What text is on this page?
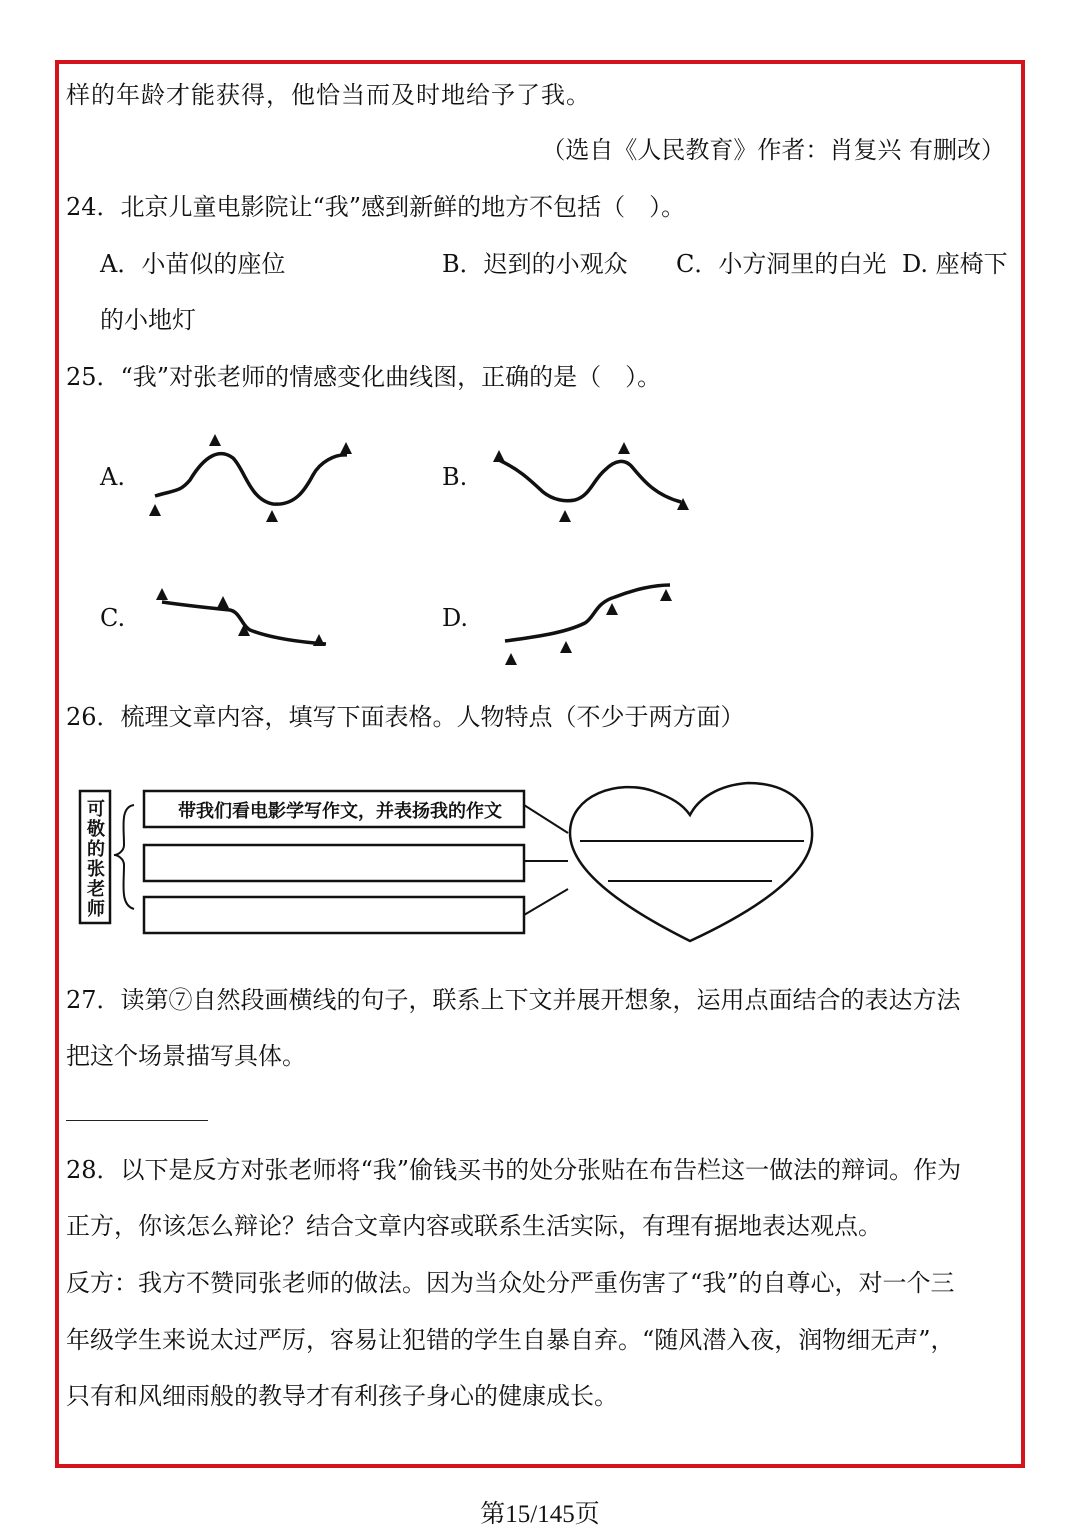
样的年龄才能获得，他恰当而及时地给予了我。
（选自《人民教育》作者：肖复兴 有删改）
24．北京儿童电影院让“我”感到新鲜的地方不包括（　）。
A．小苗似的座位	B．迟到的小观众 C．小方洞里的白光 D. 座椅下
的小地灯
25．“我”对张老师的情感变化曲线图，正确的是（　）。
A.	B.
C.	D.
26．梳理文章内容，填写下面表格。人物特点（不少于两方面）
可敬的张老师
带我们看电影学写作文，并表扬我的作文
27．读第⑦自然段画横线的句子，联系上下文并展开想象，运用点面结合的表达方法
把这个场景描写具体。
28．以下是反方对张老师将“我”偷钱买书的处分张贴在布告栏这一做法的辩词。作为
正方，你该怎么辩论？结合文章内容或联系生活实际，有理有据地表达观点。
反方：我方不赞同张老师的做法。因为当众处分严重伤害了“我”的自尊心，对一个三
年级学生来说太过严厉，容易让犯错的学生自暴自弃。“随风潜入夜，润物细无声”，
只有和风细雨般的教导才有利孩子身心的健康成长。
第15/145页
